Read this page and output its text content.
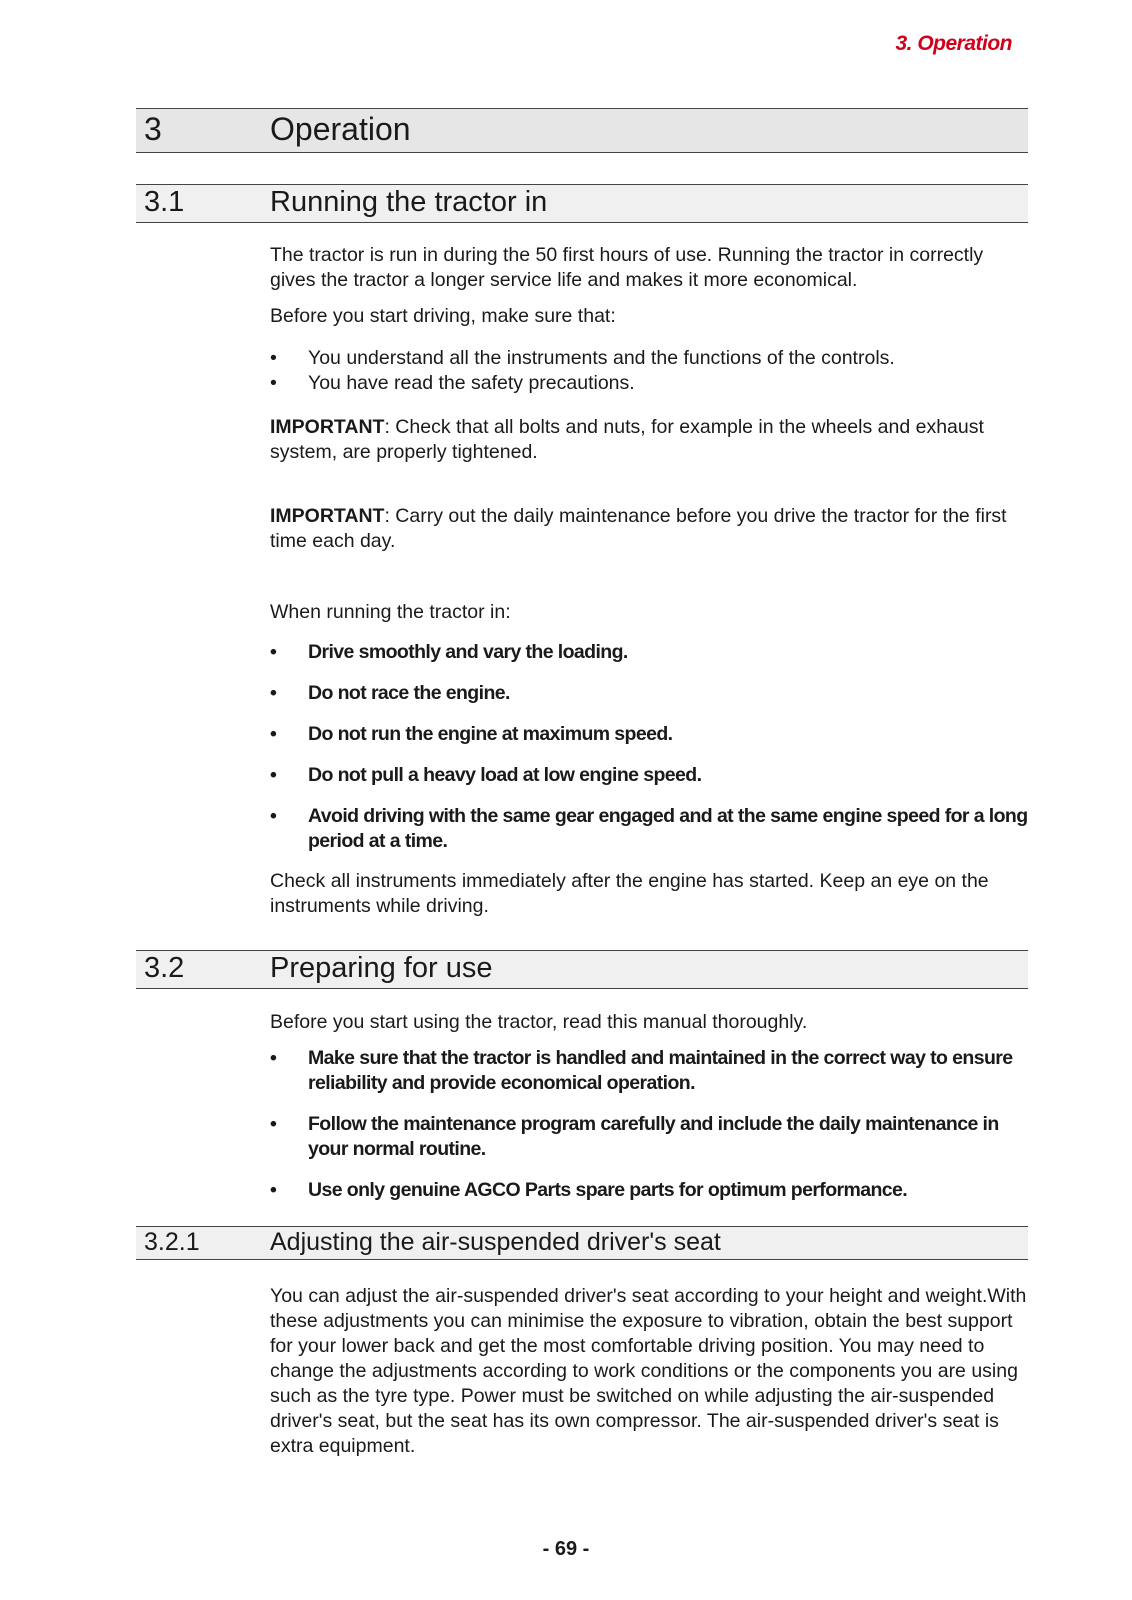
3. Operation
3	Operation
3.1	Running the tractor in

The tractor is run in during the 50 first hours of use. Running the tractor in correctly gives the tractor a longer service life and makes it more economical.

Before you start driving, make sure that:

• You understand all the instruments and the functions of the controls.
• You have read the safety precautions.

IMPORTANT: Check that all bolts and nuts, for example in the wheels and exhaust system, are properly tightened.

IMPORTANT: Carry out the daily maintenance before you drive the tractor for the first time each day.

When running the tractor in:

• Drive smoothly and vary the loading.
• Do not race the engine.
• Do not run the engine at maximum speed.
• Do not pull a heavy load at low engine speed.
• Avoid driving with the same gear engaged and at the same engine speed for a long period at a time.

Check all instruments immediately after the engine has started. Keep an eye on the instruments while driving.

3.2	Preparing for use

Before you start using the tractor, read this manual thoroughly.

• Make sure that the tractor is handled and maintained in the correct way to ensure reliability and provide economical operation.
• Follow the maintenance program carefully and include the daily maintenance in your normal routine.
• Use only genuine AGCO Parts spare parts for optimum performance.
3.2.1	Adjusting the air-suspended driver's seat

You can adjust the air-suspended driver's seat according to your height and weight.With these adjustments you can minimise the exposure to vibration, obtain the best support for your lower back and get the most comfortable driving position. You may need to change the adjustments according to work conditions or the components you are using such as the tyre type. Power must be switched on while adjusting the air-suspended driver's seat, but the seat has its own compressor. The air-suspended driver's seat is extra equipment.

- 69 -
